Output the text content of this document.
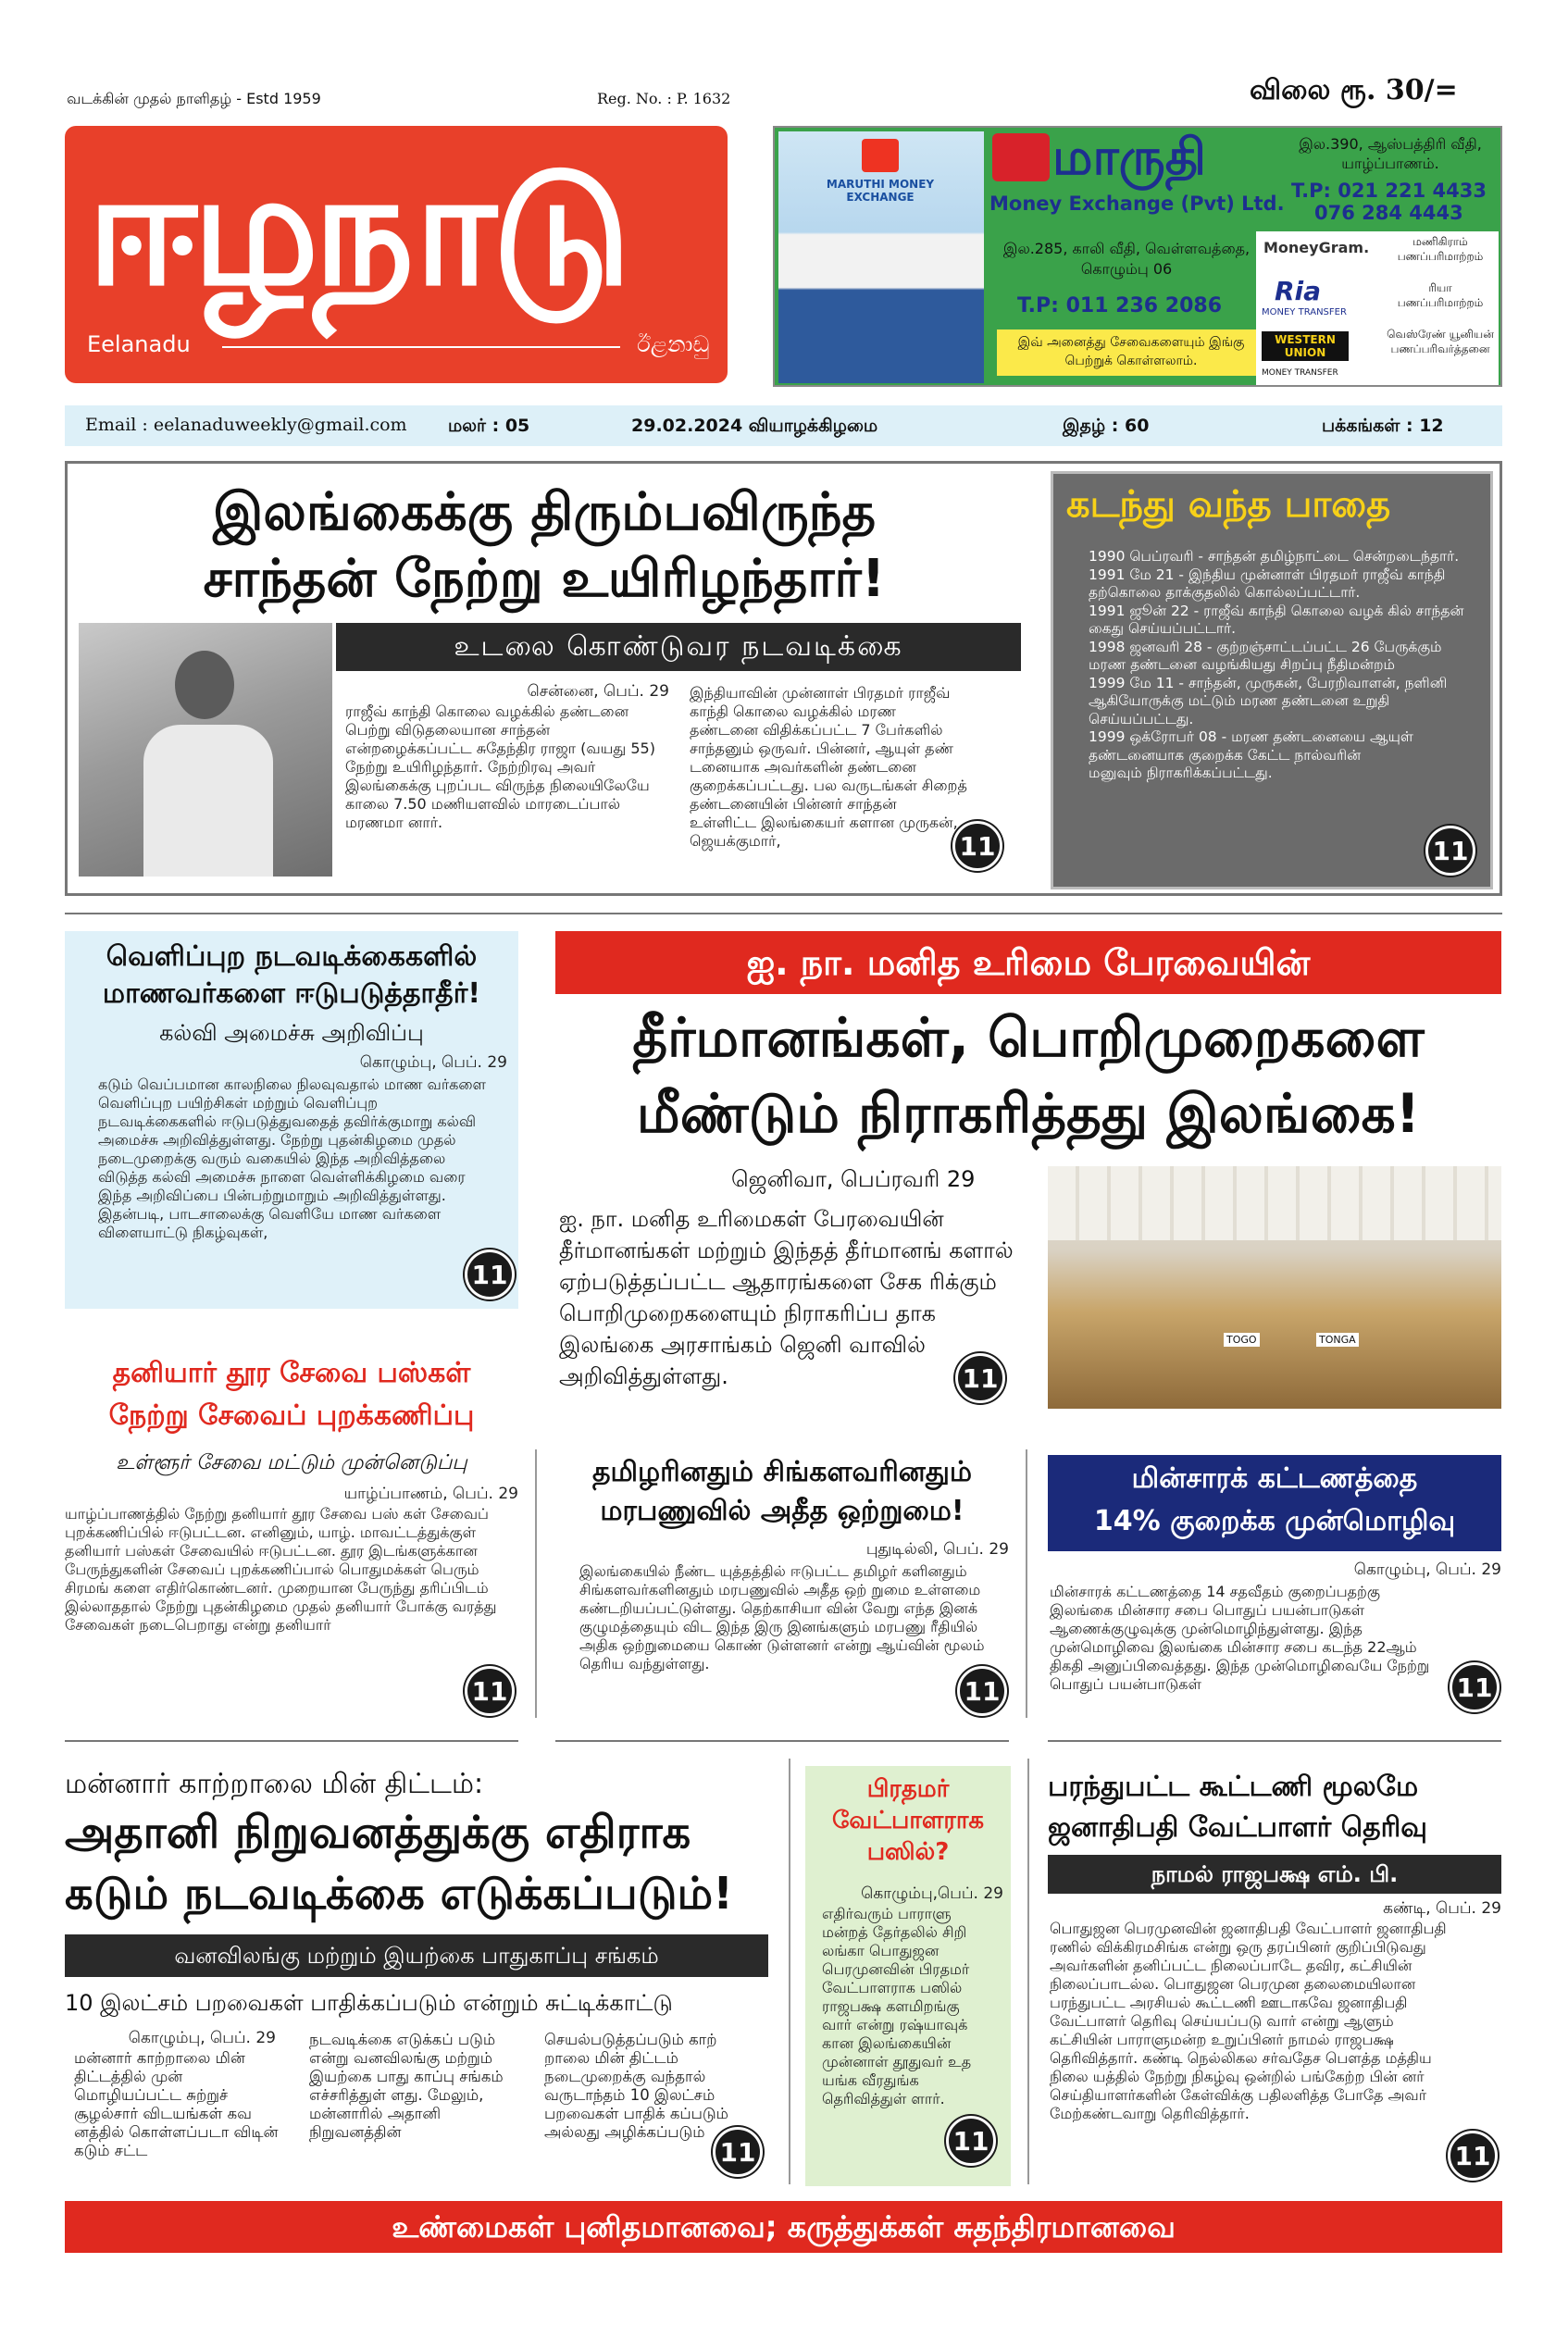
வடக்கின் முதல் நாளிதழ் - Estd 1959	Reg. No. : P. 1632	விலை ரூ. 30/=
ஈழநாடு
Eelanadu	ඊළනාඩු
MARUTHI MONEY EXCHANGE
மாருதி
Money Exchange (Pvt) Ltd.
இல.390, ஆஸ்பத்திரி வீதி, யாழ்ப்பாணம்.
T.P: 021 221 4433
076 284 4443
இல.285, காலி வீதி, வெள்ளவத்தை, கொழும்பு 06
T.P: 011 236 2086
இவ் அனைத்து சேவைகளையும் இங்கு பெற்றுக் கொள்ளலாம்.
MoneyGram.	மணிகிராம் பணப்பரிமாற்றம்
Ria
MONEY TRANSFER
ரியா பணப்பரிமாற்றம்
WESTERN UNION
MONEY TRANSFER
வெஸ்ரேண் யூனியன் பணப்பரிவர்த்தனை
Email : eelanaduweekly@gmail.com மலர் : 05	29.02.2024 வியாழக்கிழமை	இதழ் : 60	பக்கங்கள் : 12
இலங்கைக்கு திரும்பவிருந்த
சாந்தன் நேற்று உயிரிழந்தார்!
உடலை கொண்டுவர நடவடிக்கை
சென்னை, பெப். 29
ராஜீவ் காந்தி கொலை வழக்கில் தண்டனை பெற்று விடுதலையான சாந்தன் என்றழைக்கப்பட்ட சுதேந்திர ராஜா (வயது 55) நேற்று உயிரிழந்தார். நேற்றிரவு அவர் இலங்கைக்கு புறப்பட விருந்த நிலையிலேயே காலை 7.50 மணியளவில் மாரடைப்பால் மரணமா னார்.
இந்தியாவின் முன்னாள் பிரதமர் ராஜீவ் காந்தி கொலை வழக்கில் மரண தண்டனை விதிக்கப்பட்ட 7 பேர்களில் சாந்தனும் ஒருவர். பின்னர், ஆயுள் தண் டனையாக அவர்களின் தண்டனை குறைக்கப்பட்டது. பல வருடங்கள் சிறைத் தண்டனையின் பின்னர் சாந்தன் உள்ளிட்ட இலங்கையர் களான முருகன், ஜெயக்குமார்,	11
கடந்து வந்த பாதை
1990 பெப்ரவரி - சாந்தன் தமிழ்நாட்டை சென்றடைந்தார்.
1991 மே 21 - இந்திய முன்னாள் பிரதமர் ராஜீவ் காந்தி தற்கொலை தாக்குதலில் கொல்லப்பட்டார்.
1991 ஜூன் 22 - ராஜீவ் காந்தி கொலை வழக் கில் சாந்தன் கைது செய்யப்பட்டார்.
1998 ஜனவரி 28 - குற்றஞ்சாட்டப்பட்ட 26 பேருக்கும் மரண தண்டனை வழங்கியது சிறப்பு நீதிமன்றம்
1999 மே 11 - சாந்தன், முருகன், பேரறிவாளன், நளினி ஆகியோருக்கு மட்டும் மரண தண்டனை உறுதி செய்யப்பட்டது.
1999 ஒக்ரோபர் 08 - மரண தண்டனையை ஆயுள் தண்டனையாக குறைக்க கேட்ட நால்வரின் மனுவும் நிராகரிக்கப்பட்டது.
11
வெளிப்புற நடவடிக்கைகளில் மாணவர்களை ஈடுபடுத்தாதீர்!
கல்வி அமைச்சு அறிவிப்பு
கொழும்பு, பெப். 29
கடும் வெப்பமான காலநிலை நிலவுவதால் மாண வர்களை வெளிப்புற பயிற்சிகள் மற்றும் வெளிப்புற நடவடிக்கைகளில் ஈடுபடுத்துவதைத் தவிர்க்குமாறு கல்வி அமைச்சு அறிவித்துள்ளது. நேற்று புதன்கிழமை முதல் நடைமுறைக்கு வரும் வகையில் இந்த அறிவித்தலை விடுத்த கல்வி அமைச்சு நாளை வெள்ளிக்கிழமை வரை இந்த அறிவிப்பை பின்பற்றுமாறும் அறிவித்துள்ளது. இதன்படி, பாடசாலைக்கு வெளியே மாண வர்களை விளையாட்டு நிகழ்வுகள்,
11
ஐ. நா. மனித உரிமை பேரவையின்
தீர்மானங்கள், பொறிமுறைகளை
மீண்டும் நிராகரித்தது இலங்கை!
ஜெனிவா, பெப்ரவரி 29
ஐ. நா. மனித உரிமைகள் பேரவையின் தீர்மானங்கள் மற்றும் இந்தத் தீர்மானங் களால் ஏற்படுத்தப்பட்ட ஆதாரங்களை சேக ரிக்கும் பொறிமுறைகளையும் நிராகரிப்ப தாக இலங்கை அரசாங்கம் ஜெனி வாவில் அறிவித்துள்ளது.	11
TOGO	TONGA
தனியார் தூர சேவை பஸ்கள்
நேற்று சேவைப் புறக்கணிப்பு
உள்ளூர் சேவை மட்டும் முன்னெடுப்பு
யாழ்ப்பாணம், பெப். 29
யாழ்ப்பாணத்தில் நேற்று தனியார் தூர சேவை பஸ் கள் சேவைப் புறக்கணிப்பில் ஈடுபட்டன. எனினும், யாழ். மாவட்டத்துக்குள் தனியார் பஸ்கள் சேவையில் ஈடுபட்டன. தூர இடங்களுக்கான பேருந்துகளின் சேவைப் புறக்கணிப்பால் பொதுமக்கள் பெரும் சிரமங் களை எதிர்கொண்டனர். முறையான பேருந்து தரிப்பிடம் இல்லாததால் நேற்று புதன்கிழமை முதல் தனியார் போக்கு வரத்து சேவைகள் நடைபெறாது என்று தனியார்
11
தமிழரினதும் சிங்களவரினதும் மரபணுவில் அதீத ஒற்றுமை!
புதுடில்லி, பெப். 29
இலங்கையில் நீண்ட யுத்தத்தில் ஈடுபட்ட தமிழர் களினதும் சிங்களவர்களினதும் மரபணுவில் அதீத ஒற் றுமை உள்ளமை கண்டறியப்பட்டுள்ளது. தெற்காசியா வின் வேறு எந்த இனக் குழுமத்தையும் விட இந்த இரு இனங்களும் மரபணு ரீதியில் அதிக ஒற்றுமையை கொண் டுள்ளனர் என்று ஆய்வின் மூலம் தெரிய வந்துள்ளது.
11
மின்சாரக் கட்டணத்தை
14% குறைக்க முன்மொழிவு
கொழும்பு, பெப். 29
மின்சாரக் கட்டணத்தை 14 சதவீதம் குறைப்பதற்கு இலங்கை மின்சார சபை பொதுப் பயன்பாடுகள் ஆணைக்குழுவுக்கு முன்மொழிந்துள்ளது. இந்த முன்மொழிவை இலங்கை மின்சார சபை கடந்த 22ஆம் திகதி அனுப்பிவைத்தது. இந்த முன்மொழிவையே நேற்று பொதுப் பயன்பாடுகள்	11
மன்னார் காற்றாலை மின் திட்டம்:
அதானி நிறுவனத்துக்கு எதிராக
கடும் நடவடிக்கை எடுக்கப்படும்!
வனவிலங்கு மற்றும் இயற்கை பாதுகாப்பு சங்கம்
10 இலட்சம் பறவைகள் பாதிக்கப்படும் என்றும் சுட்டிக்காட்டு
கொழும்பு, பெப். 29
மன்னார் காற்றாலை மின் திட்டத்தில் முன் மொழியப்பட்ட சுற்றுச் சூழல்சார் விடயங்கள் கவ னத்தில் கொள்ளப்படா விடின் கடும் சட்ட
நடவடிக்கை எடுக்கப் படும் என்று வனவிலங்கு மற்றும் இயற்கை பாது காப்பு சங்கம் எச்சரித்துள் ளது. மேலும், மன்னாரில் அதானி நிறுவனத்தின்
செயல்படுத்தப்படும் காற் றாலை மின் திட்டம் நடைமுறைக்கு வந்தால் வருடாந்தம் 10 இலட்சம் பறவைகள் பாதிக் கப்படும் அல்லது அழிக்கப்படும்
11
பிரதமர் வேட்பாளராக பஸில்?
கொழும்பு,பெப். 29
எதிர்வரும் பாராளு மன்றத் தேர்தலில் சிறி லங்கா பொதுஜன பெரமுனவின் பிரதமர் வேட்பாளராக பஸில் ராஜபக்ஷ களமிறங்கு வார் என்று ரஷ்யாவுக் கான இலங்கையின் முன்னாள் தூதுவர் உத யங்க வீரதுங்க தெரிவித்துள் ளார்.
11
பரந்துபட்ட கூட்டணி மூலமே
ஜனாதிபதி வேட்பாளர் தெரிவு
நாமல் ராஜபக்ஷ எம். பி.
கண்டி, பெப். 29
பொதுஜன பெரமுனவின் ஜனாதிபதி வேட்பாளர் ஜனாதிபதி ரணில் விக்கிரமசிங்க என்று ஒரு தரப்பினர் குறிப்பிடுவது அவர்களின் தனிப்பட்ட நிலைப்பாடே தவிர, கட்சியின் நிலைப்பாடல்ல. பொதுஜன பெரமுன தலைமையிலான பரந்துபட்ட அரசியல் கூட்டணி ஊடாகவே ஜனாதிபதி வேட்பாளர் தெரிவு செய்யப்படு வார் என்று ஆளும் கட்சியின் பாராளுமன்ற உறுப்பினர் நாமல் ராஜபக்ஷ தெரிவித்தார். கண்டி நெல்லிகல சர்வதேச பௌத்த மத்திய நிலை யத்தில் நேற்று நிகழ்வு ஒன்றில் பங்கேற்ற பின் னர் செய்தியாளர்களின் கேள்விக்கு பதிலளித்த போதே அவர் மேற்கண்டவாறு தெரிவித்தார்.
11
உண்மைகள் புனிதமானவை; கருத்துக்கள் சுதந்திரமானவை
